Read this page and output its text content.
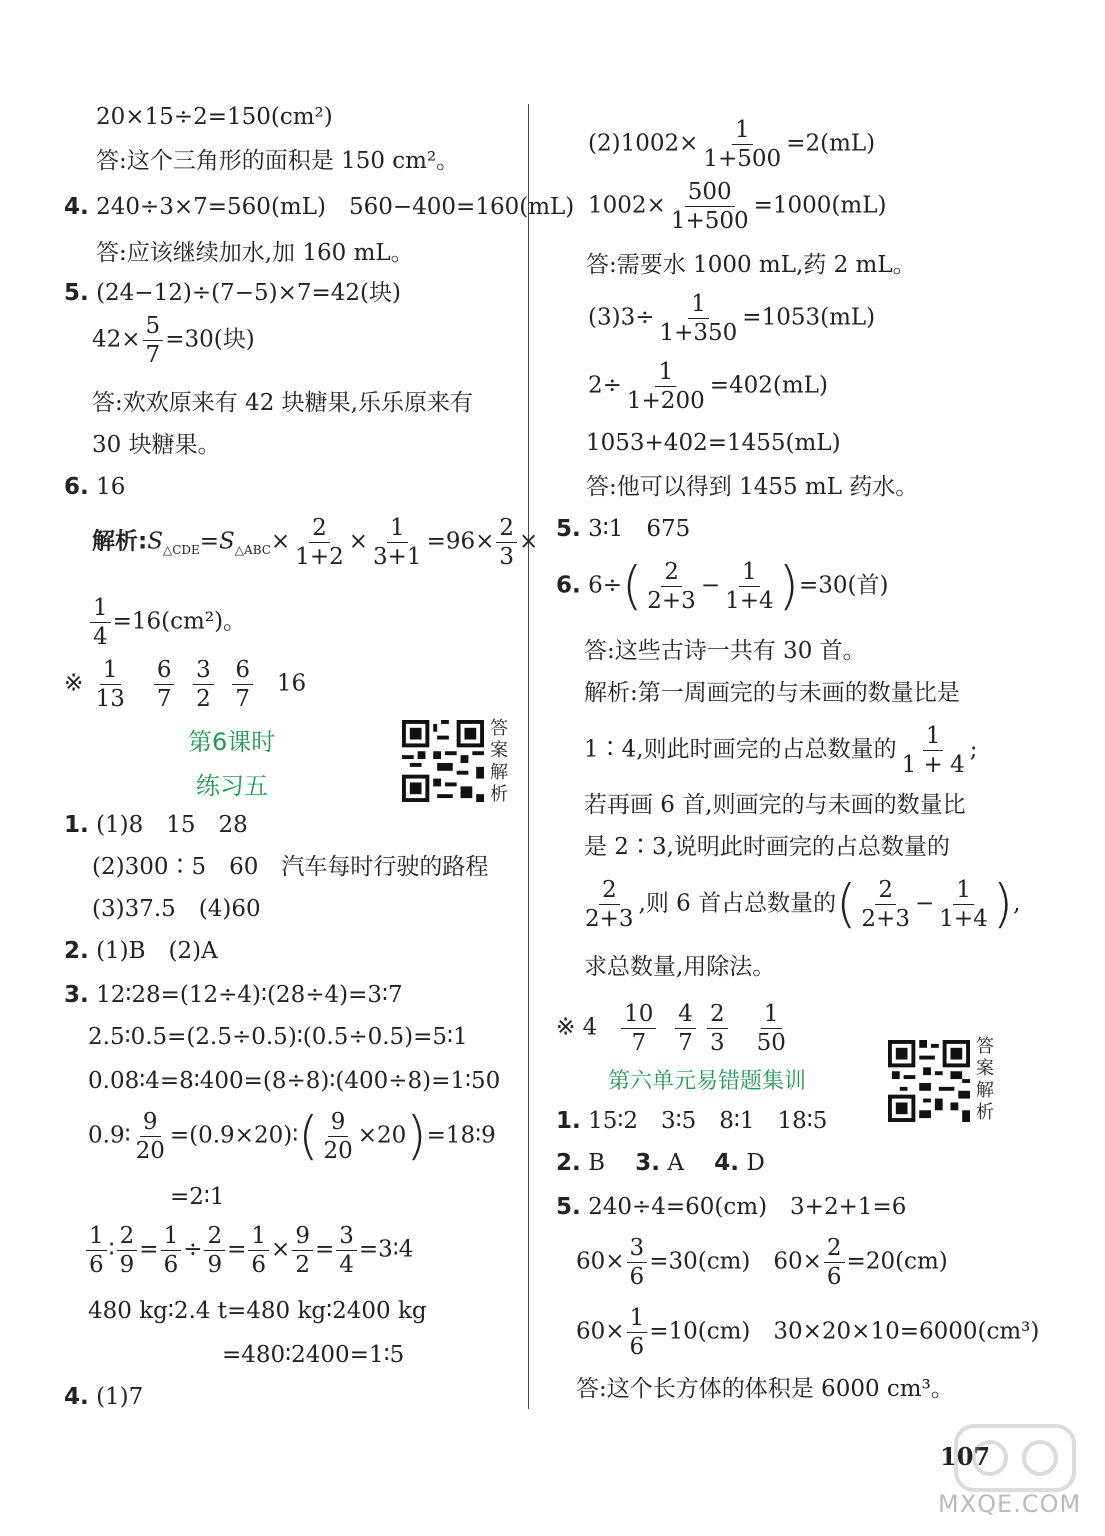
20×15÷2=150(cm²)
答:这个三角形的面积是 150 cm²。
4. 240÷3×7=560(mL)　560−400=160(mL)
答:应该继续加水,加 160 mL。
5. (24−12)÷(7−5)×7=42(块)
$42\times \frac{5}{7} =30$(块)
答:欢欢原来有 42 块糖果,乐乐原来有
30 块糖果。
6. 16
解析$:S_{\triangle CDE}=S_{\triangle ABC}\times \frac{2}{1+2} \times \frac{1}{3+1} =96\times \frac{2}{3}$ ×
$\frac{1}{4} =16(cm^2)$。
※ $\frac{1}{13}$
$\frac{6}{7}$
$\frac{3}{2}$
$\frac{6}{7} 16$
第6课时
练习五
答
案
解
析
1. (1)8　15　28
(2)300∶5　60　汽车每时行驶的路程
(3)37.5　(4)60
2. (1)B　(2)A
3. 12∶28=(12÷4)∶(28÷4)=3∶7
2.5∶0.5=(2.5÷0.5)∶(0.5÷0.5)=5∶1
0.08∶4=8∶400=(8÷8)∶(400÷8)=1∶50
0.9∶ $\frac{9}{20}$ =(0.9×20)∶( $\frac{9}{20}$ ×20)=18∶9
=2∶1
$\frac{1}{6}$ ∶ $\frac{2}{9} = \frac{1}{6} \div \frac{2}{9} = \frac{1}{6} \times \frac{9}{2} = \frac{3}{4}$ =3∶4
480 kg∶2.4 t=480 kg∶2400 kg
=480∶2400=1∶5
4. (1)7
$(2)1002\times \frac{1}{1+500} =2(mL)$
$1002\times \frac{500}{1+500} =1000(mL)$
答:需要水 1000 mL,药 2 mL。
$(3)3\div \frac{1}{1+350} =1053(mL)$
$2\div \frac{1}{1+200} =402(mL)$
1053+402=1455(mL)
答:他可以得到 1455 mL 药水。
5. 3∶1　675
6. $6\div( \frac{2}{2+3} - \frac{1}{1+4} )=30$(首)
答:这些古诗一共有 30 首。
解析:第一周画完的与未画的数量比是
1∶4,则此时画完的占总数量的 $\frac{1}{1 + 4}$ ;
若再画 6 首,则画完的与未画的数量比
是 2∶3,说明此时画完的占总数量的
$\frac{2}{2+3}$ ,则 6 首占总数量的( $\frac{2}{2+3} - \frac{1}{1+4}$ ),
求总数量,用除法。
※ $4 \frac{10}{7}$
$\frac{4}{7}$
$\frac{2}{3}$
$\frac{1}{50}$
第六单元易错题集训
答
案
解
析
1. 15∶2　3∶5　8∶1　18∶5
2. B　 3. A　 4. D
5. 240÷4=60(cm)　3+2+1=6
$60\times \frac{3}{6} =30(cm)$　$60\times \frac{2}{6} =20(cm)$
$60\times \frac{1}{6} =10(cm)$　30×20×10=6000(cm³)
答:这个长方体的体积是 6000 cm³。
107
MXQE.COM
